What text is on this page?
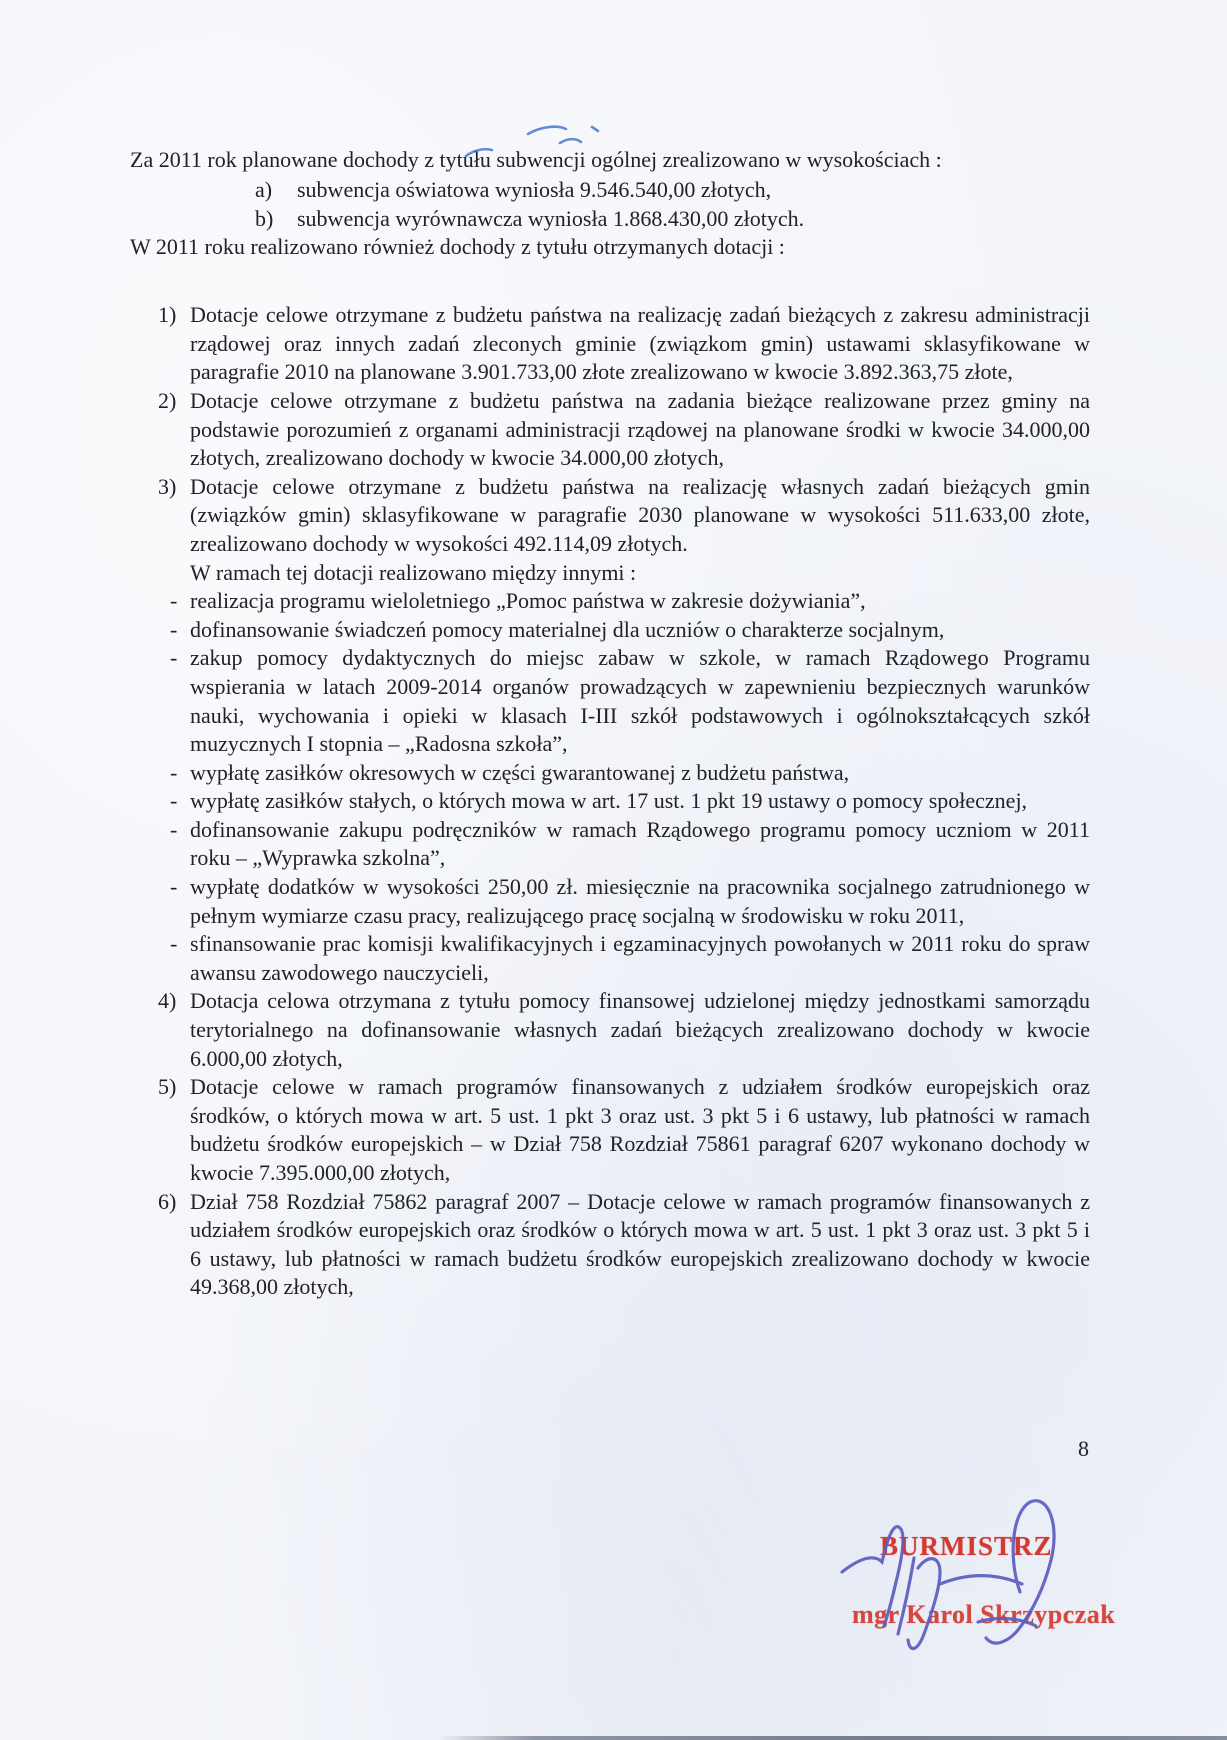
Za 2011 rok planowane dochody z tytułu subwencji ogólnej zrealizowano w wysokościach :

a) subwencja oświatowa wyniosła 9.546.540,00 złotych,
b) subwencja wyrównawcza wyniosła 1.868.430,00 złotych.

W 2011 roku realizowano również dochody z tytułu otrzymanych dotacji :

1) Dotacje celowe otrzymane z budżetu państwa na realizację zadań bieżących z zakresu administracji rządowej oraz innych zadań zleconych gminie (związkom gmin) ustawami sklasyfikowane w paragrafie 2010 na planowane 3.901.733,00 złote zrealizowano w kwocie 3.892.363,75 złote,
2) Dotacje celowe otrzymane z budżetu państwa na zadania bieżące realizowane przez gminy na podstawie porozumień z organami administracji rządowej na planowane środki w kwocie 34.000,00 złotych, zrealizowano dochody w kwocie 34.000,00 złotych,
3) Dotacje celowe otrzymane z budżetu państwa na realizację własnych zadań bieżących gmin (związków gmin) sklasyfikowane w paragrafie 2030 planowane w wysokości 511.633,00 złote, zrealizowano dochody w wysokości 492.114,09 złotych.

W ramach tej dotacji realizowano między innymi :

- realizacja programu wieloletniego „Pomoc państwa w zakresie dożywiania”,
- dofinansowanie świadczeń pomocy materialnej dla uczniów o charakterze socjalnym,
- zakup pomocy dydaktycznych do miejsc zabaw w szkole, w ramach Rządowego Programu wspierania w latach 2009-2014 organów prowadzących w zapewnieniu bezpiecznych warunków nauki, wychowania i opieki w klasach I-III szkół podstawowych i ogólnokształcących szkół muzycznych I stopnia – „Radosna szkoła”,
- wypłatę zasiłków okresowych w części gwarantowanej z budżetu państwa,
- wypłatę zasiłków stałych, o których mowa w art. 17 ust. 1 pkt 19 ustawy o pomocy społecznej,
- dofinansowanie zakupu podręczników w ramach Rządowego programu pomocy uczniom w 2011 roku – „Wyprawka szkolna”,
- wypłatę dodatków w wysokości 250,00 zł. miesięcznie na pracownika socjalnego zatrudnionego w pełnym wymiarze czasu pracy, realizującego pracę socjalną w środowisku w roku 2011,
- sfinansowanie prac komisji kwalifikacyjnych i egzaminacyjnych powołanych w 2011 roku do spraw awansu zawodowego nauczycieli,
4) Dotacja celowa otrzymana z tytułu pomocy finansowej udzielonej między jednostkami samorządu terytorialnego na dofinansowanie własnych zadań bieżących zrealizowano dochody w kwocie 6.000,00 złotych,
5) Dotacje celowe w ramach programów finansowanych z udziałem środków europejskich oraz środków, o których mowa w art. 5 ust. 1 pkt 3 oraz ust. 3 pkt 5 i 6 ustawy, lub płatności w ramach budżetu środków europejskich – w Dział 758 Rozdział 75861 paragraf 6207 wykonano dochody w kwocie 7.395.000,00 złotych,
6) Dział 758 Rozdział 75862 paragraf 2007 – Dotacje celowe w ramach programów finansowanych z udziałem środków europejskich oraz środków o których mowa w art. 5 ust. 1 pkt 3 oraz ust. 3 pkt 5 i 6 ustawy, lub płatności w ramach budżetu środków europejskich zrealizowano dochody w kwocie 49.368,00 złotych,
8
BURMISTRZ
mgr Karol Skrzypczak
